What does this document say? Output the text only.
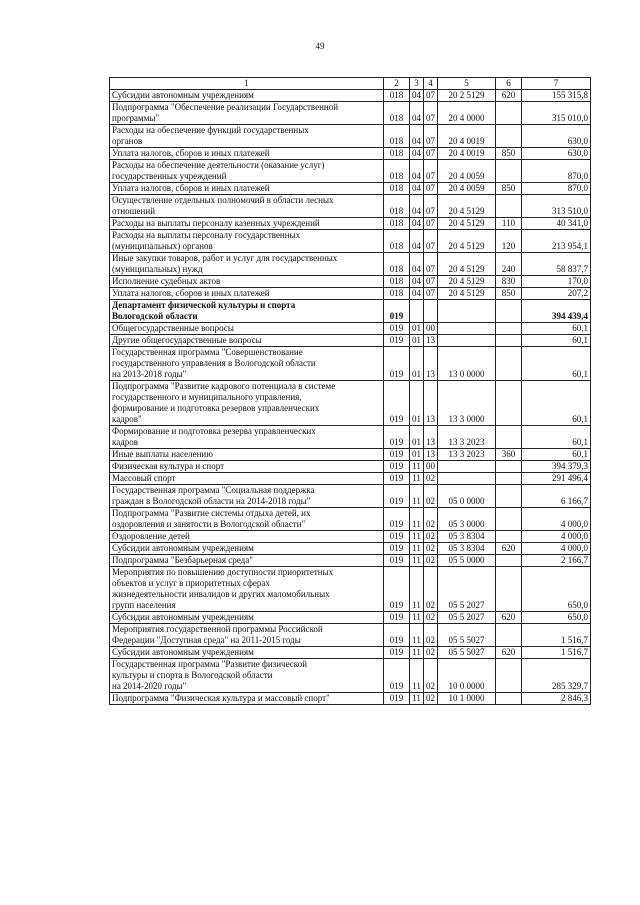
49
1	2	3	4	5	6	7
Субсидии автономным учреждениям	018	04	07	20 2 5129	620	155 315,8
Подпрограмма "Обеспечение реализации Государственной
программы"	018	04	07	20 4 0000		315 010,0
Расходы на обеспечение функций государственных
органов	018	04	07	20 4 0019		630,0
Уплата налогов, сборов и иных платежей	018	04	07	20 4 0019	850	630,0
Расходы на обеспечение деятельности (оказание услуг)
государственных учреждений	018	04	07	20 4 0059		870,0
Уплата налогов, сборов и иных платежей	018	04	07	20 4 0059	850	870,0
Осуществление отдельных полномочий в области лесных
отношений	018	04	07	20 4 5129		313 510,0
Расходы на выплаты персоналу казенных учреждений	018	04	07	20 4 5129	110	40 341,0
Расходы на выплаты персоналу государственных
(муниципальных) органов	018	04	07	20 4 5129	120	213 954,1
Иные закупки товаров, работ и услуг для государственных
(муниципальных) нужд	018	04	07	20 4 5129	240	58 837,7
Исполнение судебных актов	018	04	07	20 4 5129	830	170,0
Уплата налогов, сборов и иных платежей	018	04	07	20 4 5129	850	207,2
Департамент физической культуры и спорта
Вологодской области	019					394 439,4
Общегосударственные вопросы	019	01	00			60,1
Другие общегосударственные вопросы	019	01	13			60,1
Государственная программа "Совершенствование
государственного управления в Вологодской области
на 2013-2018 годы"	019	01	13	13 0 0000		60,1
Подпрограмма "Развитие кадрового потенциала в системе
государственного и муниципального управления,
формирование и подготовка резервов управленческих
кадров"	019	01	13	13 3 0000		60,1
Формирование и подготовка резерва управленческих
кадров	019	01	13	13 3 2023		60,1
Иные выплаты населению	019	01	13	13 3 2023	360	60,1
Физическая культура и спорт	019	11	00			394 379,3
Массовый спорт	019	11	02			291 496,4
Государственная программа "Социальная поддержка
граждан в Вологодской области на 2014-2018 годы"	019	11	02	05 0 0000		6 166,7
Подпрограмма "Развитие системы отдыха детей, их
оздоровления и занятости в Вологодской области"	019	11	02	05 3 0000		4 000,0
Оздоровление детей	019	11	02	05 3 8304		4 000,0
Субсидии автономным учреждениям	019	11	02	05 3 8304	620	4 000,0
Подпрограмма "Безбарьерная среда"	019	11	02	05 5 0000		2 166,7
Мероприятия по повышению доступности приоритетных
объектов и услуг в приоритетных сферах
жизнедеятельности инвалидов и других маломобильных
групп населения	019	11	02	05 5 2027		650,0
Субсидии автономным учреждениям	019	11	02	05 5 2027	620	650,0
Мероприятия государственной программы Российской
Федерации "Доступная среда" на 2011-2015 годы	019	11	02	05 5 5027		1 516,7
Субсидии автономным учреждениям	019	11	02	05 5 5027	620	1 516,7
Государственная программа "Развитие физической
культуры и спорта в Вологодской области
на 2014-2020 годы"	019	11	02	10 0 0000		285 329,7
Подпрограмма "Физическая культура и массовый спорт"	019	11	02	10 1 0000		2 846,3
